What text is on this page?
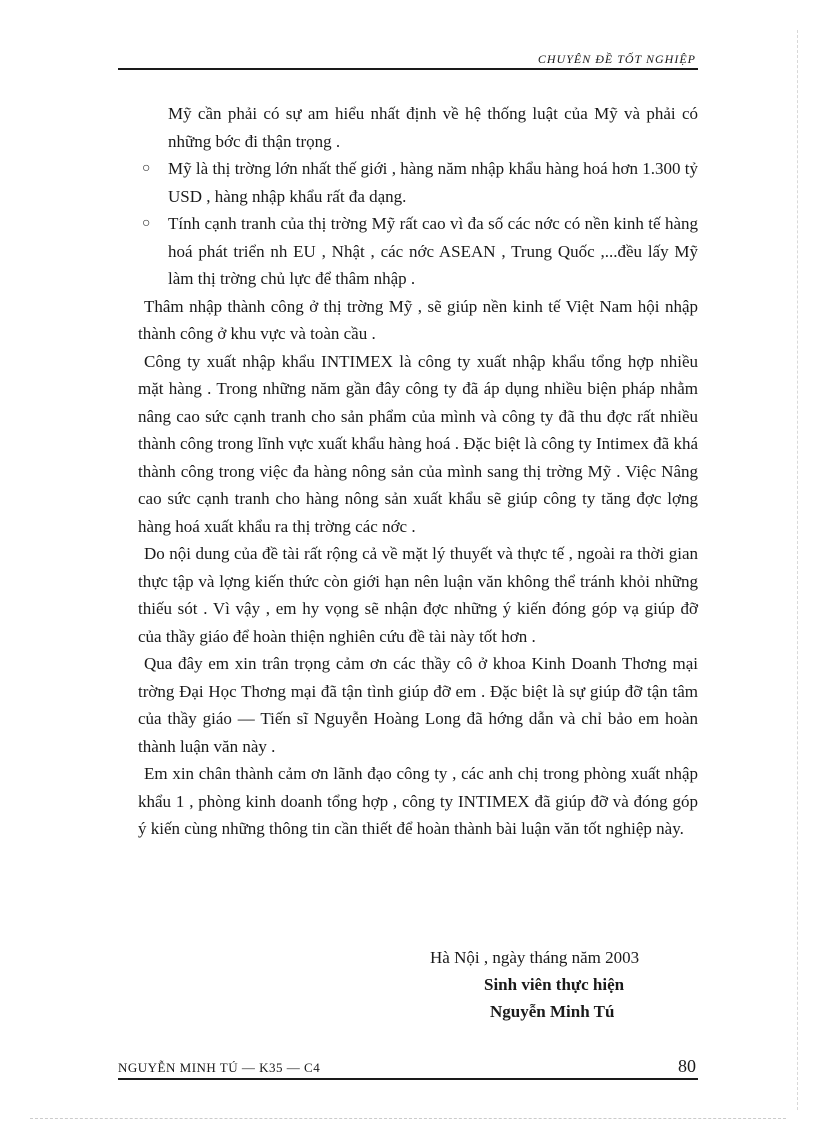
CHUYÊN ĐỀ TỐT NGHIỆP

Mỹ cần phải có sự am hiểu nhất định về hệ thống luật của Mỹ và phải có những bớc đi thận trọng .

○ Mỹ là thị trờng lớn nhất thế giới , hàng năm nhập khẩu hàng hoá hơn 1.300 tỷ USD , hàng nhập khẩu rất đa dạng.
○ Tính cạnh tranh của thị trờng Mỹ rất cao vì đa số các nớc có nền kinh tế hàng hoá phát triển nh EU , Nhật , các nớc ASEAN , Trung Quốc ,...đều lấy Mỹ làm thị trờng chủ lực để thâm nhập .

Thâm nhập thành công ở thị trờng Mỹ , sẽ giúp nền kinh tế Việt Nam hội nhập thành công ở khu vực và toàn cầu .

Công ty xuất nhập khẩu INTIMEX là công ty xuất nhập khẩu tổng hợp nhiều mặt hàng . Trong những năm gần đây công ty đã áp dụng nhiều biện pháp nhằm nâng cao sức cạnh tranh cho sản phẩm của mình và công ty đã thu đợc rất nhiều thành công trong lĩnh vực xuất khẩu hàng hoá . Đặc biệt là công ty Intimex đã khá thành công trong việc đa hàng nông sản của mình sang thị trờng Mỹ . Việc Nâng cao sức cạnh tranh cho hàng nông sản xuất khẩu sẽ giúp công ty tăng đợc lợng hàng hoá xuất khẩu ra thị trờng các nớc .

Do nội dung của đề tài rất rộng cả về mặt lý thuyết và thực tế , ngoài ra thời gian thực tập và lợng kiến thức còn giới hạn nên luận văn không thể tránh khỏi những thiếu sót . Vì vậy , em hy vọng sẽ nhận đợc những ý kiến đóng góp vạ giúp đỡ của thầy giáo để hoàn thiện nghiên cứu đề tài này tốt hơn .

Qua đây em xin trân trọng cảm ơn các thầy cô ở khoa Kinh Doanh Thơng mại trờng Đại Học Thơng mại đã tận tình giúp đỡ em . Đặc biệt là sự giúp đỡ tận tâm của thầy giáo — Tiến sĩ Nguyễn Hoàng Long đã hớng dẫn và chỉ bảo em hoàn thành luận văn này .

Em xin chân thành cảm ơn lãnh đạo công ty , các anh chị trong phòng xuất nhập khẩu 1 , phòng kinh doanh tổng hợp , công ty INTIMEX đã giúp đỡ và đóng góp ý kiến cùng những thông tin cần thiết để hoàn thành bài luận văn tốt nghiệp này.

Hà Nội , ngày tháng năm 2003
Sinh viên thực hiện
Nguyễn Minh Tú
NGUYỄN MINH TÚ — K35 — C4	80
